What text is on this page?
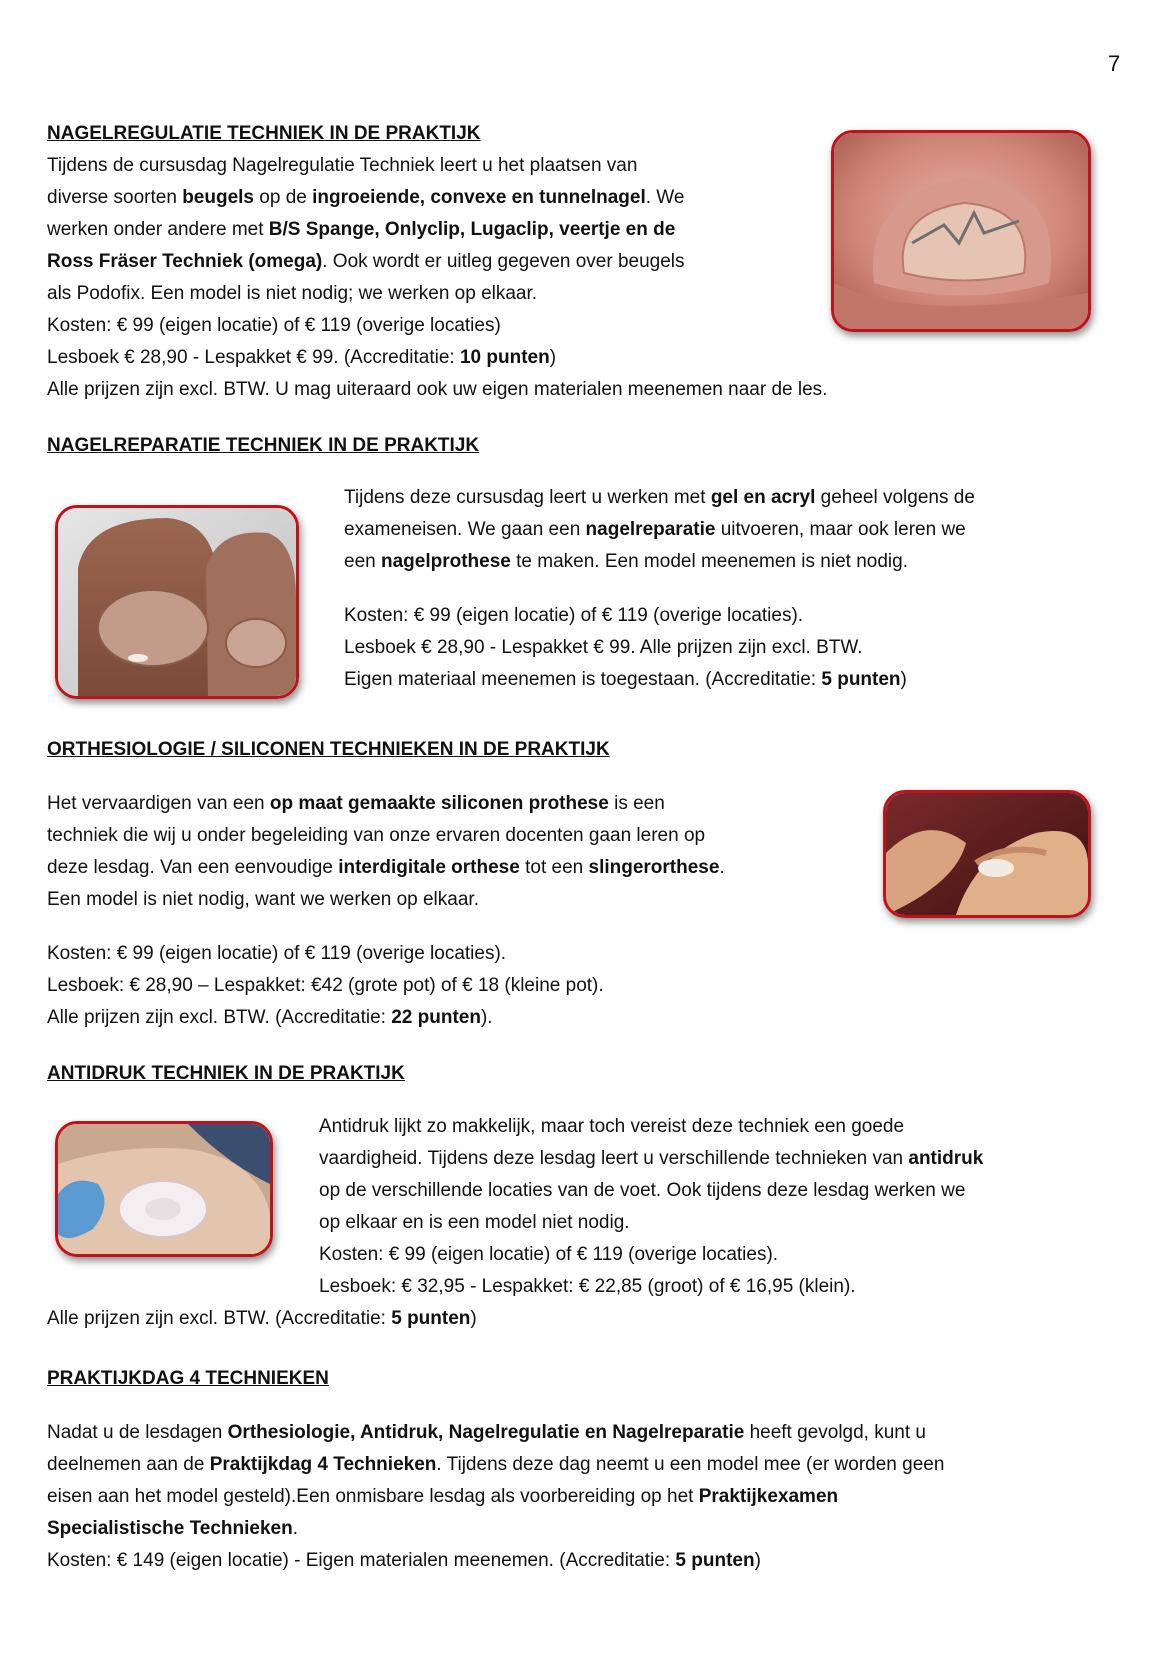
7

NAGELREGULATIE TECHNIEK IN DE PRAKTIJK

Tijdens de cursusdag Nagelregulatie Techniek leert u het plaatsen van
diverse soorten beugels op de ingroeiende, convexe en tunnelnagel. We
werken onder andere met B/S Spange, Onlyclip, Lugaclip, veertje en de
Ross Fräser Techniek (omega). Ook wordt er uitleg gegeven over beugels
als Podofix. Een model is niet nodig; we werken op elkaar.
Kosten: € 99 (eigen locatie) of € 119 (overige locaties)
Lesboek € 28,90 - Lespakket € 99. (Accreditatie: 10 punten)
Alle prijzen zijn excl. BTW. U mag uiteraard ook uw eigen materialen meenemen naar de les.

NAGELREPARATIE TECHNIEK IN DE PRAKTIJK

Tijdens deze cursusdag leert u werken met gel en acryl geheel volgens de
exameneisen. We gaan een nagelreparatie uitvoeren, maar ook leren we
een nagelprothese te maken. Een model meenemen is niet nodig.

Kosten: € 99 (eigen locatie) of € 119 (overige locaties).
Lesboek € 28,90 - Lespakket € 99. Alle prijzen zijn excl. BTW.
Eigen materiaal meenemen is toegestaan. (Accreditatie: 5 punten)

ORTHESIOLOGIE / SILICONEN TECHNIEKEN IN DE PRAKTIJK

Het vervaardigen van een op maat gemaakte siliconen prothese is een
techniek die wij u onder begeleiding van onze ervaren docenten gaan leren op
deze lesdag. Van een eenvoudige interdigitale orthese tot een slingerorthese.
Een model is niet nodig, want we werken op elkaar.

Kosten: € 99 (eigen locatie) of € 119 (overige locaties).
Lesboek: € 28,90 – Lespakket: €42 (grote pot) of € 18 (kleine pot).
Alle prijzen zijn excl. BTW. (Accreditatie: 22 punten).

ANTIDRUK TECHNIEK IN DE PRAKTIJK

Antidruk lijkt zo makkelijk, maar toch vereist deze techniek een goede
vaardigheid. Tijdens deze lesdag leert u verschillende technieken van antidruk
op de verschillende locaties van de voet. Ook tijdens deze lesdag werken we
op elkaar en is een model niet nodig.
Kosten: € 99 (eigen locatie) of € 119 (overige locaties).
Lesboek: € 32,95 - Lespakket: € 22,85 (groot) of € 16,95 (klein).

Alle prijzen zijn excl. BTW. (Accreditatie: 5 punten)

PRAKTIJKDAG 4 TECHNIEKEN

Nadat u de lesdagen Orthesiologie, Antidruk, Nagelregulatie en Nagelreparatie heeft gevolgd, kunt u
deelnemen aan de Praktijkdag 4 Technieken. Tijdens deze dag neemt u een model mee (er worden geen
eisen aan het model gesteld).Een onmisbare lesdag als voorbereiding op het Praktijkexamen
Specialistische Technieken.
Kosten: € 149 (eigen locatie) - Eigen materialen meenemen. (Accreditatie: 5 punten)
